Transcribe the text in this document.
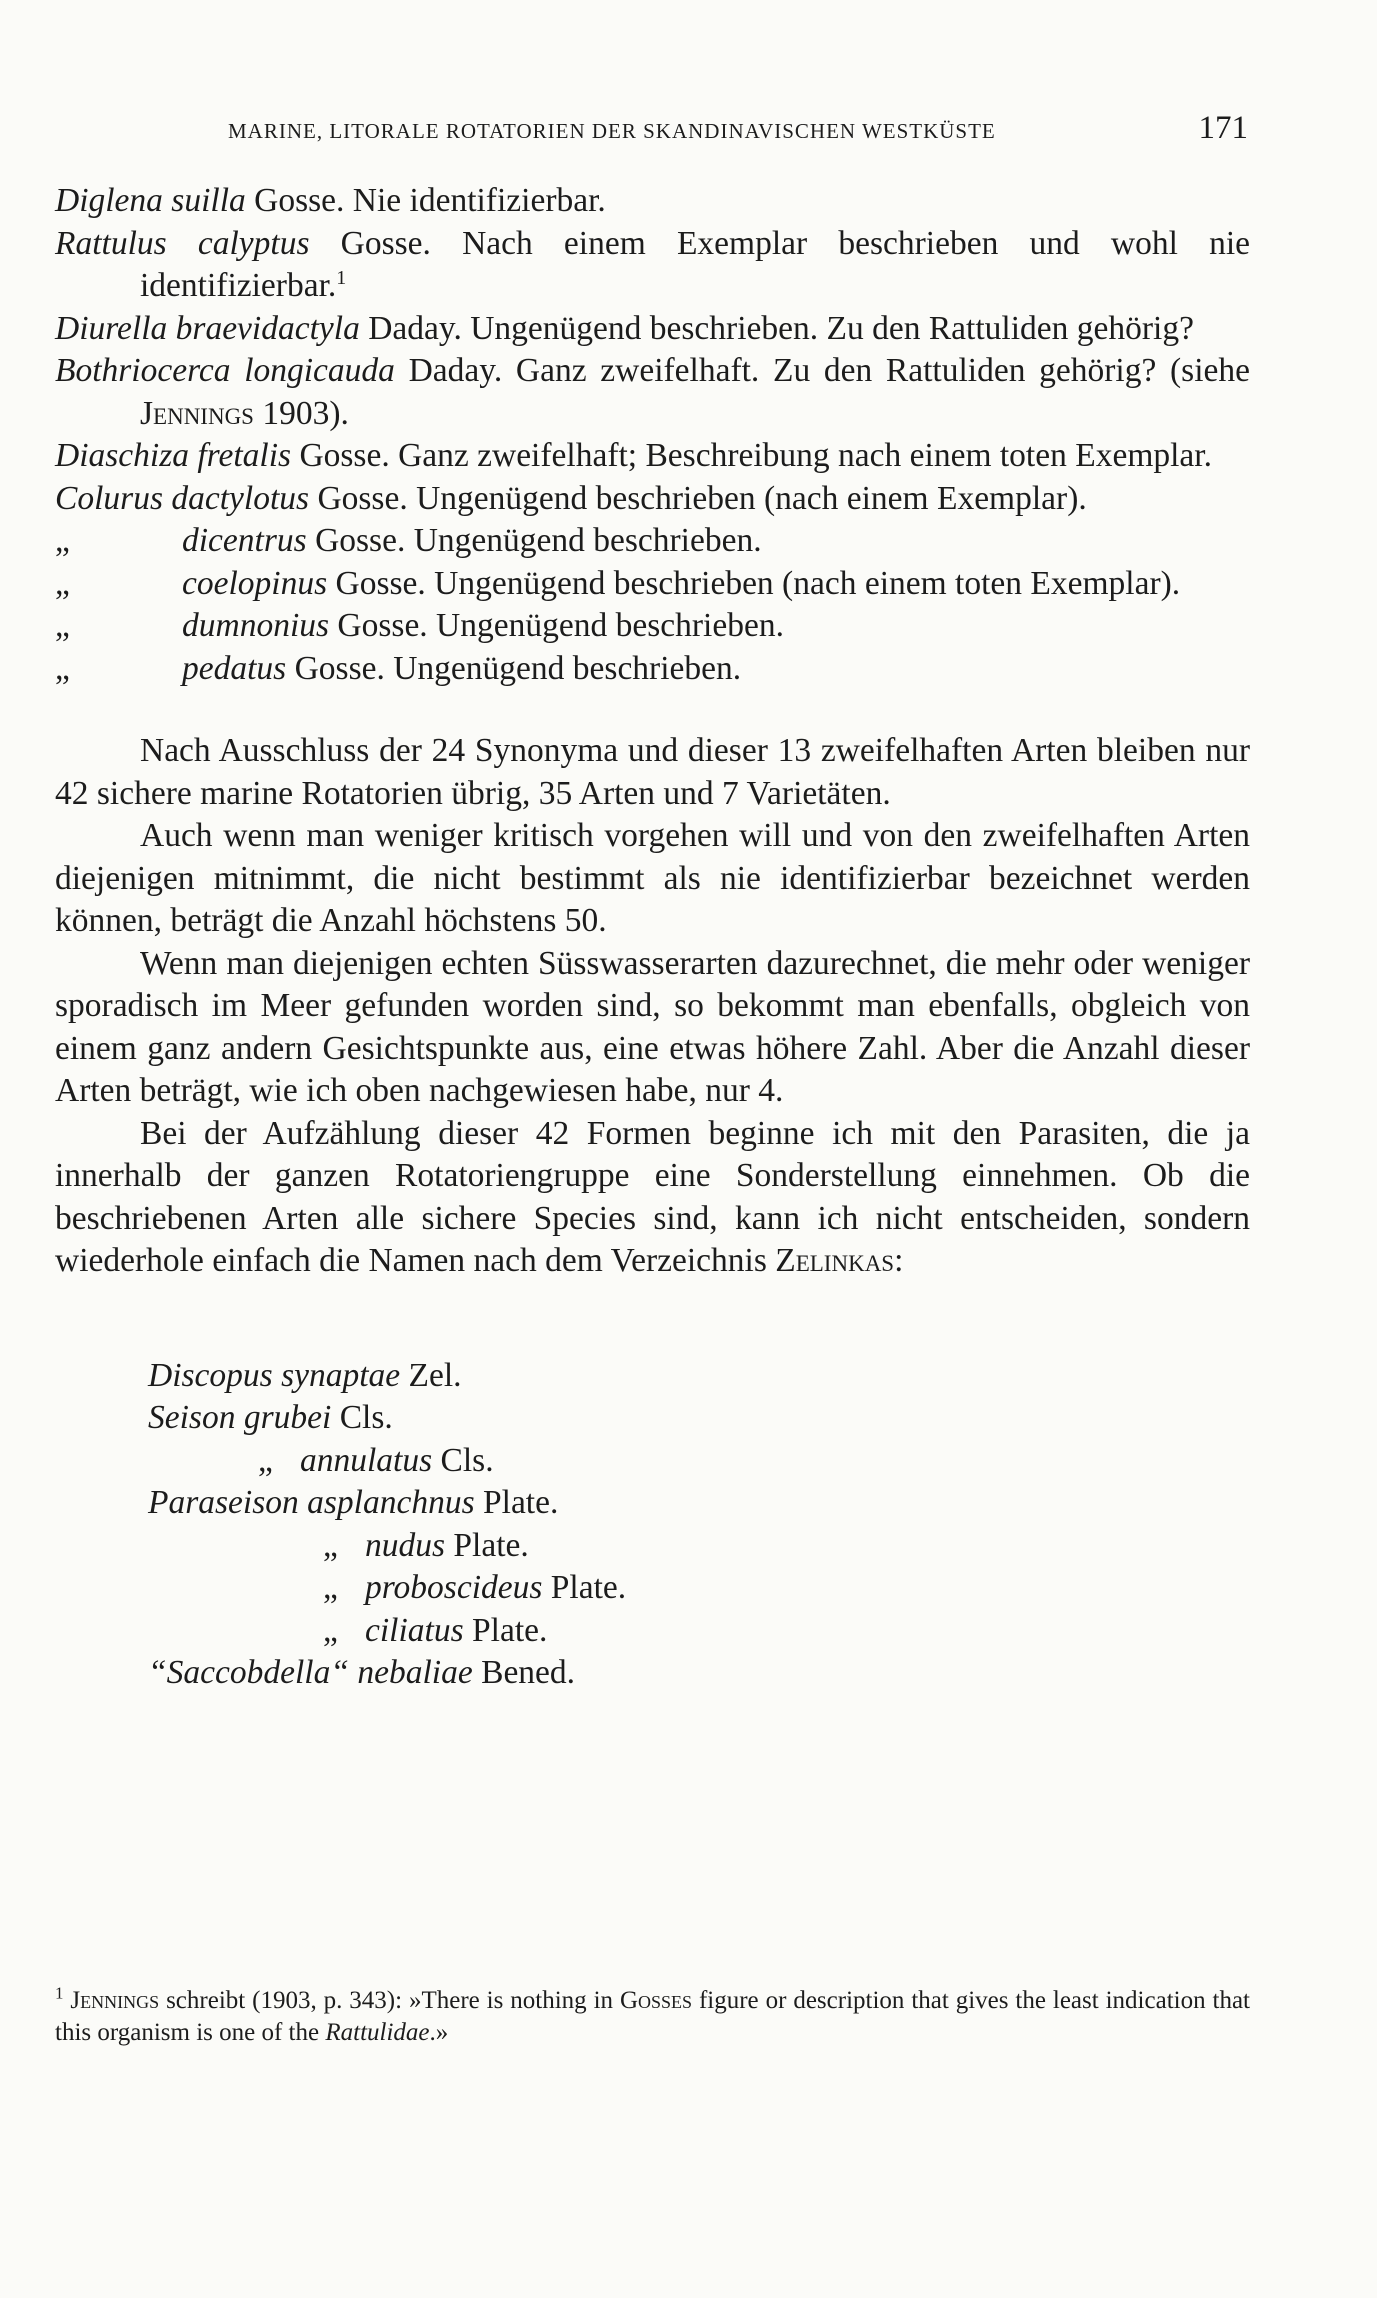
MARINE, LITORALE ROTATORIEN DER SKANDINAVISCHEN WESTKÜSTE	171
Diglena suilla Gosse. Nie identifizierbar.
Rattulus calyptus Gosse. Nach einem Exemplar beschrieben und wohl nie identifizierbar.$^1$
Diurella braevidactyla Daday. Ungenügend beschrieben. Zu den Rattuliden gehörig?
Bothriocerca longicauda Daday. Ganz zweifelhaft. Zu den Rattuliden gehörig? (siehe Jennings 1903).
Diaschiza fretalis Gosse. Ganz zweifelhaft; Beschreibung nach einem toten Exemplar.
Colurus dactylotus Gosse. Ungenügend beschrieben (nach einem Exemplar).
„	dicentrus Gosse. Ungenügend beschrieben.
„	coelopinus Gosse. Ungenügend beschrieben (nach einem toten Exemplar).
„	dumnonius Gosse. Ungenügend beschrieben.
„	pedatus Gosse. Ungenügend beschrieben.

Nach Ausschluss der 24 Synonyma und dieser 13 zweifelhaften Arten bleiben nur 42 sichere marine Rotatorien übrig, 35 Arten und 7 Varietäten.

Auch wenn man weniger kritisch vorgehen will und von den zweifelhaften Arten diejenigen mitnimmt, die nicht bestimmt als nie identifizierbar bezeichnet werden können, beträgt die Anzahl höchstens 50.

Wenn man diejenigen echten Süsswasserarten dazurechnet, die mehr oder weniger sporadisch im Meer gefunden worden sind, so bekommt man ebenfalls, obgleich von einem ganz andern Gesichtspunkte aus, eine etwas höhere Zahl. Aber die Anzahl dieser Arten beträgt, wie ich oben nachgewiesen habe, nur 4.

Bei der Aufzählung dieser 42 Formen beginne ich mit den Parasiten, die ja innerhalb der ganzen Rotatoriengruppe eine Sonderstellung einnehmen. Ob die beschriebenen Arten alle sichere Species sind, kann ich nicht entscheiden, sondern wiederhole einfach die Namen nach dem Verzeichnis Zelinkas:

Discopus synaptae Zel.
Seison grubei Cls.
„ annulatus Cls.
Paraseison asplanchnus Plate.
„ nudus Plate.
„ proboscideus Plate.
„ ciliatus Plate.
“Saccobdella“ nebaliae Bened.
$^1$ Jennings schreibt (1903, p. 343): »There is nothing in Gosses figure or description that gives the least indication that this organism is one of the Rattulidae.»
